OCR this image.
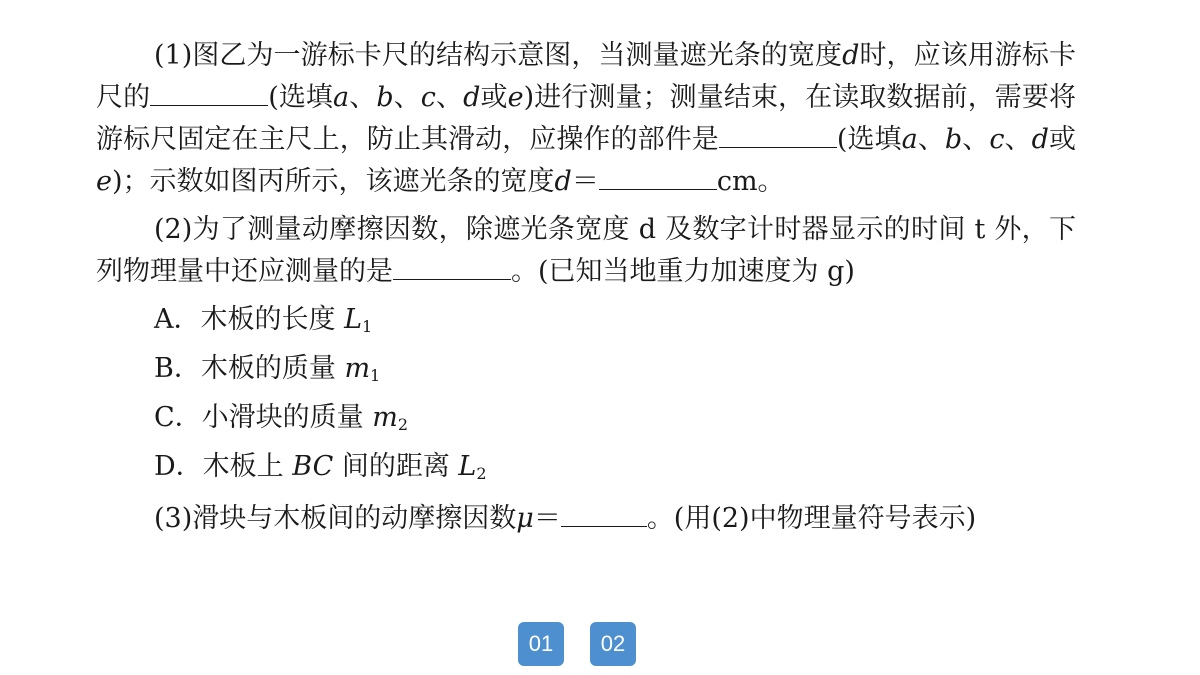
(1)图乙为一游标卡尺的结构示意图，当测量遮光条的宽度d时，应该用游标卡尺的	(选填a、b、c、d或e)进行测量；测量结束，在读取数据前，需要将游标尺固定在主尺上，防止其滑动，应操作的部件是	(选填a、b、c、d或e)；示数如图丙所示，该遮光条的宽度d＝	cm。

(2)为了测量动摩擦因数，除遮光条宽度 d 及数字计时器显示的时间 t 外，下列物理量中还应测量的是	。(已知当地重力加速度为 g)

A．木板的长度 $L_1$
B．木板的质量 $m_1$
C．小滑块的质量 $m_2$
D．木板上 BC 间的距离 $L_2$

(3)滑块与木板间的动摩擦因数μ＝	。(用(2)中物理量符号表示)

01	02
